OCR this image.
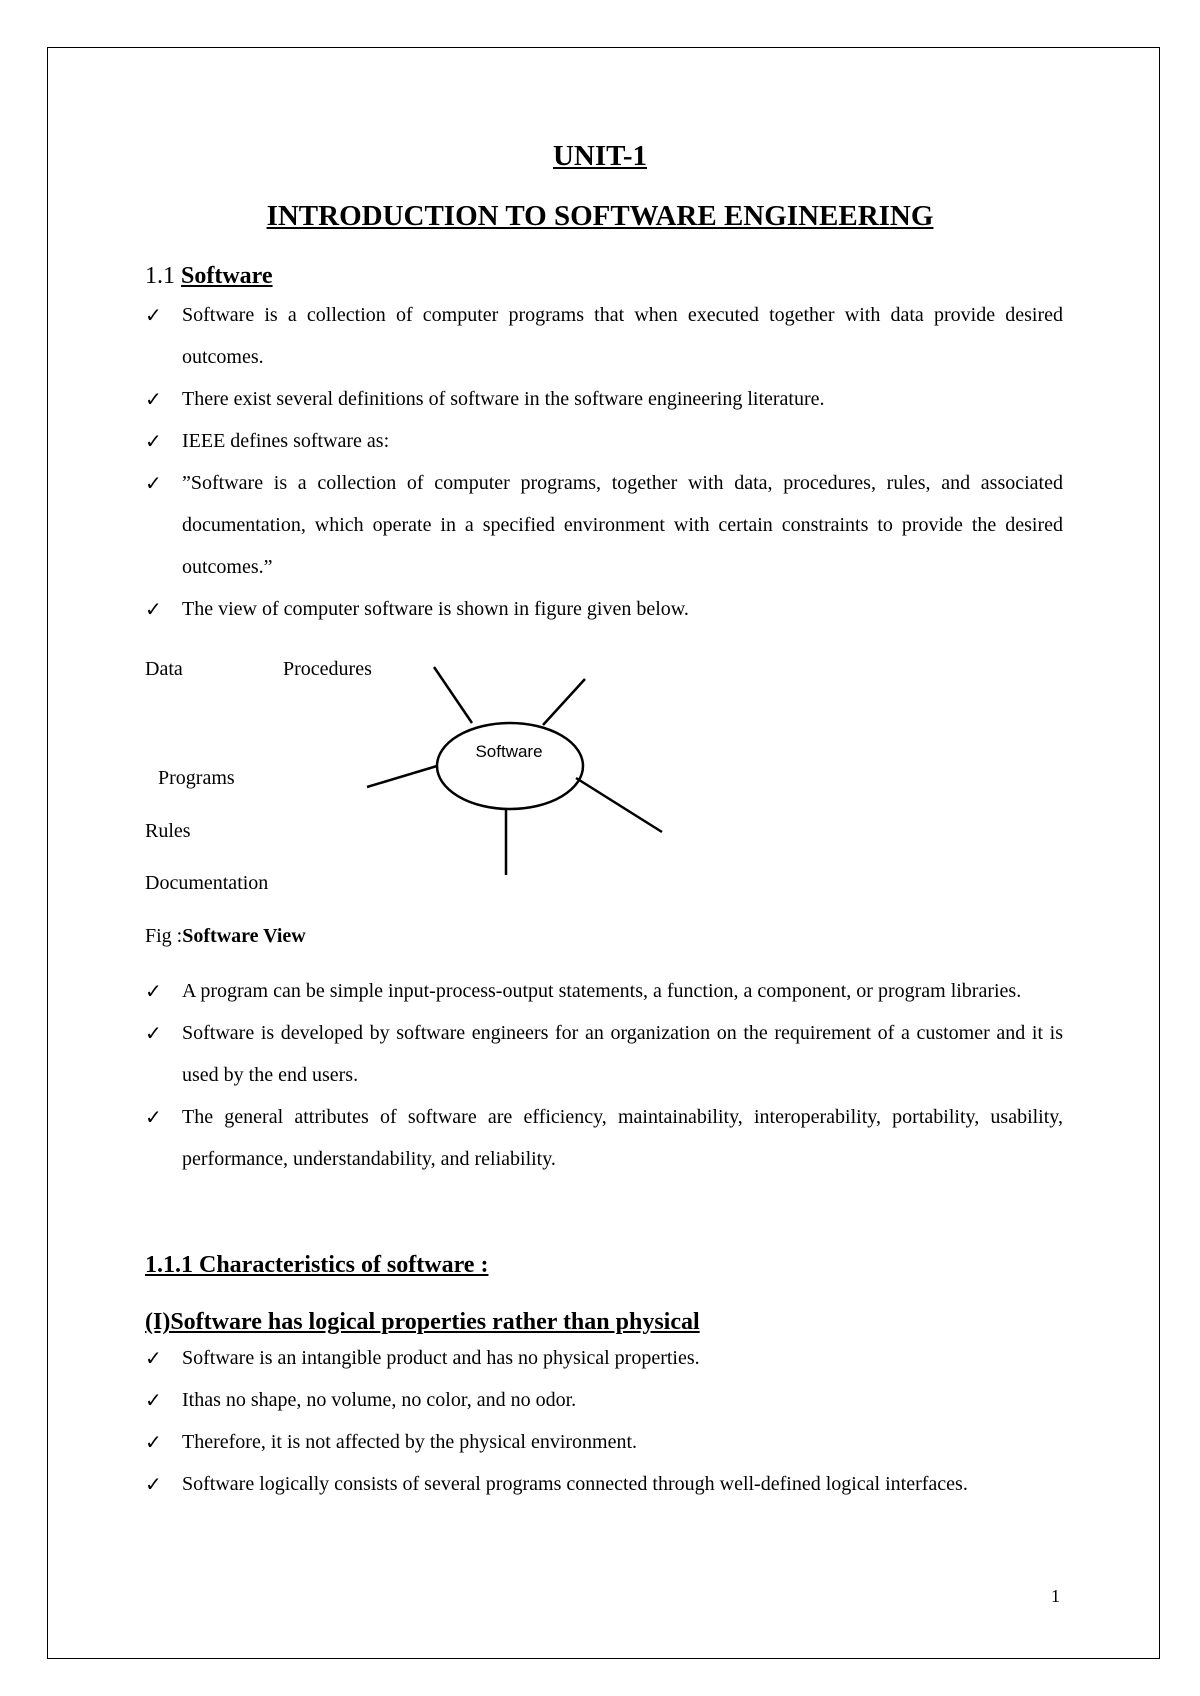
UNIT-1
INTRODUCTION TO SOFTWARE ENGINEERING
1.1 Software
✓ Software is a collection of computer programs that when executed together with data provide desired outcomes.
✓ There exist several definitions of software in the software engineering literature.
✓ IEEE defines software as:
✓ ”Software is a collection of computer programs, together with data, procedures, rules, and associated documentation, which operate in a specified environment with certain constraints to provide the desired outcomes.”
✓ The view of computer software is shown in figure given below.
Data	Procedures
Programs
Rules
Documentation
Software
Fig :Software View
✓ A program can be simple input-process-output statements, a function, a component, or program libraries.
✓ Software is developed by software engineers for an organization on the requirement of a customer and it is used by the end users.
✓ The general attributes of software are efficiency, maintainability, interoperability, portability, usability, performance, understandability, and reliability.
1.1.1 Characteristics of software :
(I)Software has logical properties rather than physical
✓ Software is an intangible product and has no physical properties.
✓ Ithas no shape, no volume, no color, and no odor.
✓ Therefore, it is not affected by the physical environment.
✓ Software logically consists of several programs connected through well-defined logical interfaces.
1
